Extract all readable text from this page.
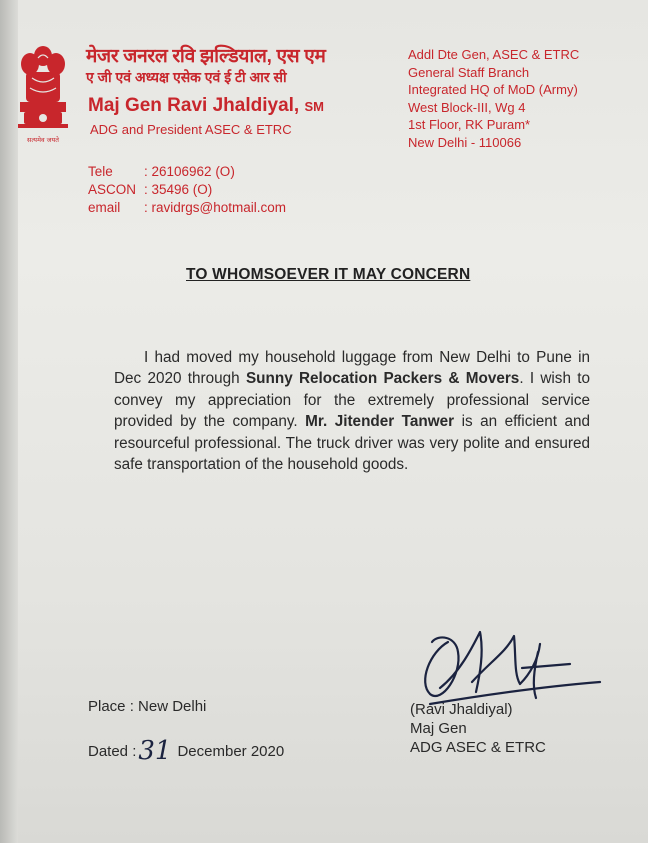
सत्यमेव जयते
मेजर जनरल रवि झल्डियाल, एस एम
ए जी एवं अध्यक्ष एसेक एवं ई टी आर सी
Maj Gen Ravi Jhaldiyal, SM
ADG and President ASEC & ETRC
Addl Dte Gen, ASEC & ETRC
General Staff Branch
Integrated HQ of MoD (Army)
West Block-III, Wg 4
1st Floor, RK Puram*
New Delhi - 110066
Tele	: 26106962 (O)
ASCON : 35496 (O)
email	: ravidrgs@hotmail.com
TO WHOMSOEVER IT MAY CONCERN

I had moved my household luggage from New Delhi to Pune in Dec 2020 through Sunny Relocation Packers & Movers. I wish to convey my appreciation for the extremely professional service provided by the company. Mr. Jitender Tanwer is an efficient and resourceful professional. The truck driver was very polite and ensured safe transportation of the household goods.

Place : New Delhi
Dated :31 December 2020
(Ravi Jhaldiyal)
Maj Gen
ADG ASEC & ETRC
